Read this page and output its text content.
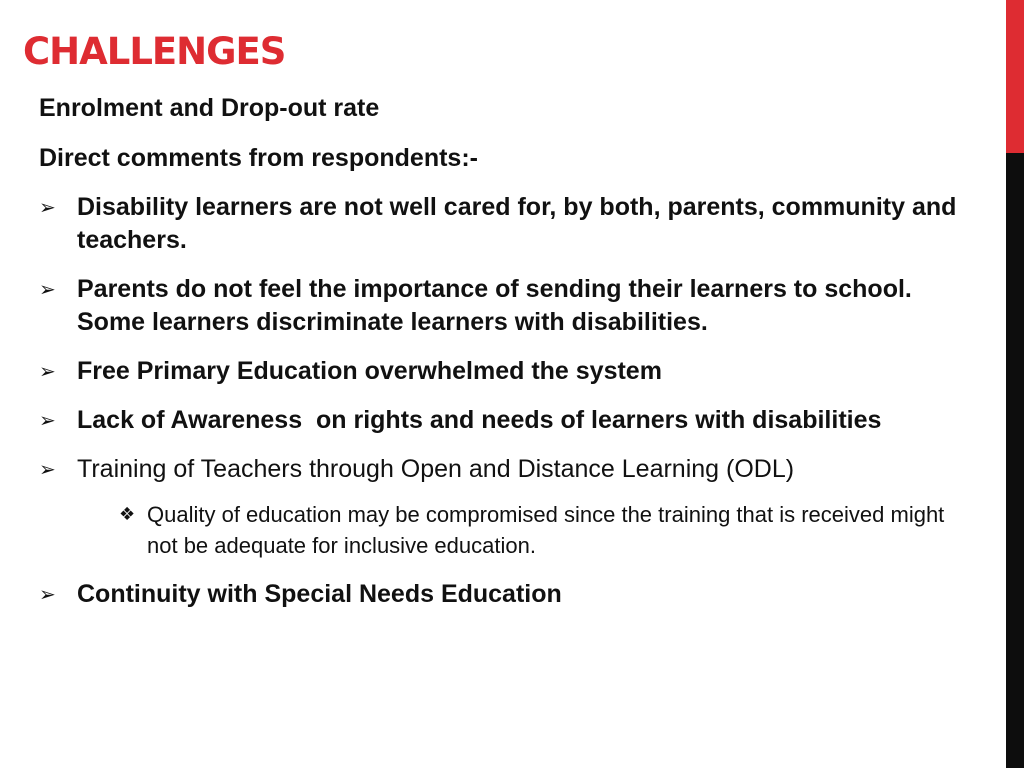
CHALLENGES

Enrolment and Drop-out rate

Direct comments from respondents:-

➢ Disability learners are not well cared for, by both, parents, community and teachers.
➢ Parents do not feel the importance of sending their learners to school. Some learners discriminate learners with disabilities.
➢ Free Primary Education overwhelmed the system
➢ Lack of Awareness  on rights and needs of learners with disabilities
➢ Training of Teachers through Open and Distance Learning (ODL)
❖ Quality of education may be compromised since the training that is received might not be adequate for inclusive education.
➢ Continuity with Special Needs Education
